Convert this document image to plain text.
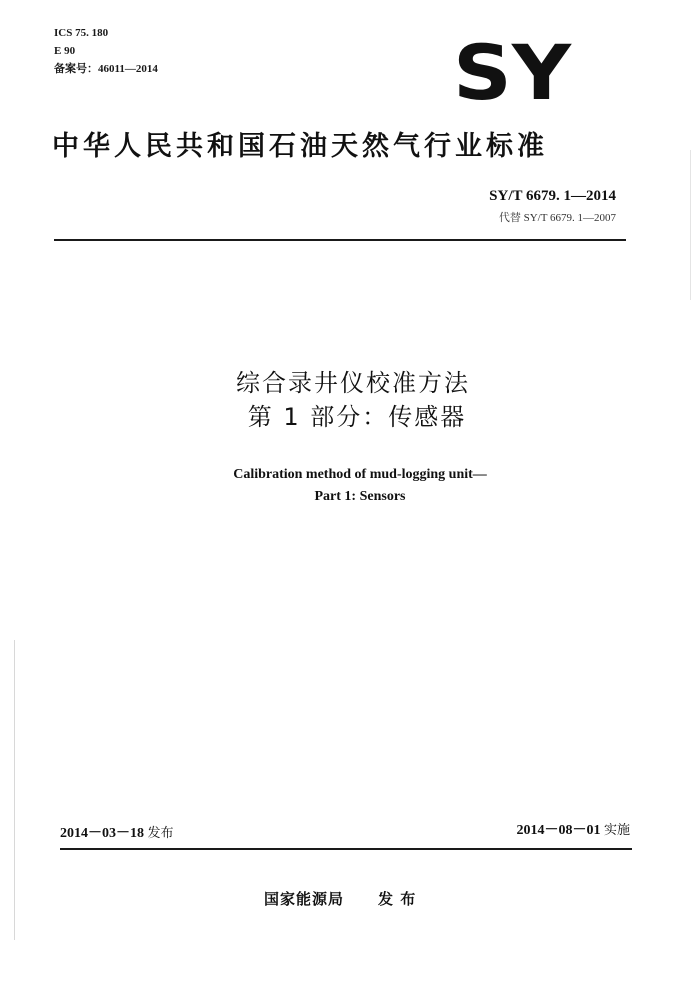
ICS 75. 180
E 90
备案号：46011—2014	SY
中华人民共和国石油天然气行业标准
SY/T 6679. 1—2014
代替 SY/T 6679. 1—2007
综合录井仪校准方法
第 1 部分：传感器
Calibration method of mud-logging unit—
Part 1: Sensors
2014－03－18 发布	2014－08－01 实施
国家能源局 发 布
